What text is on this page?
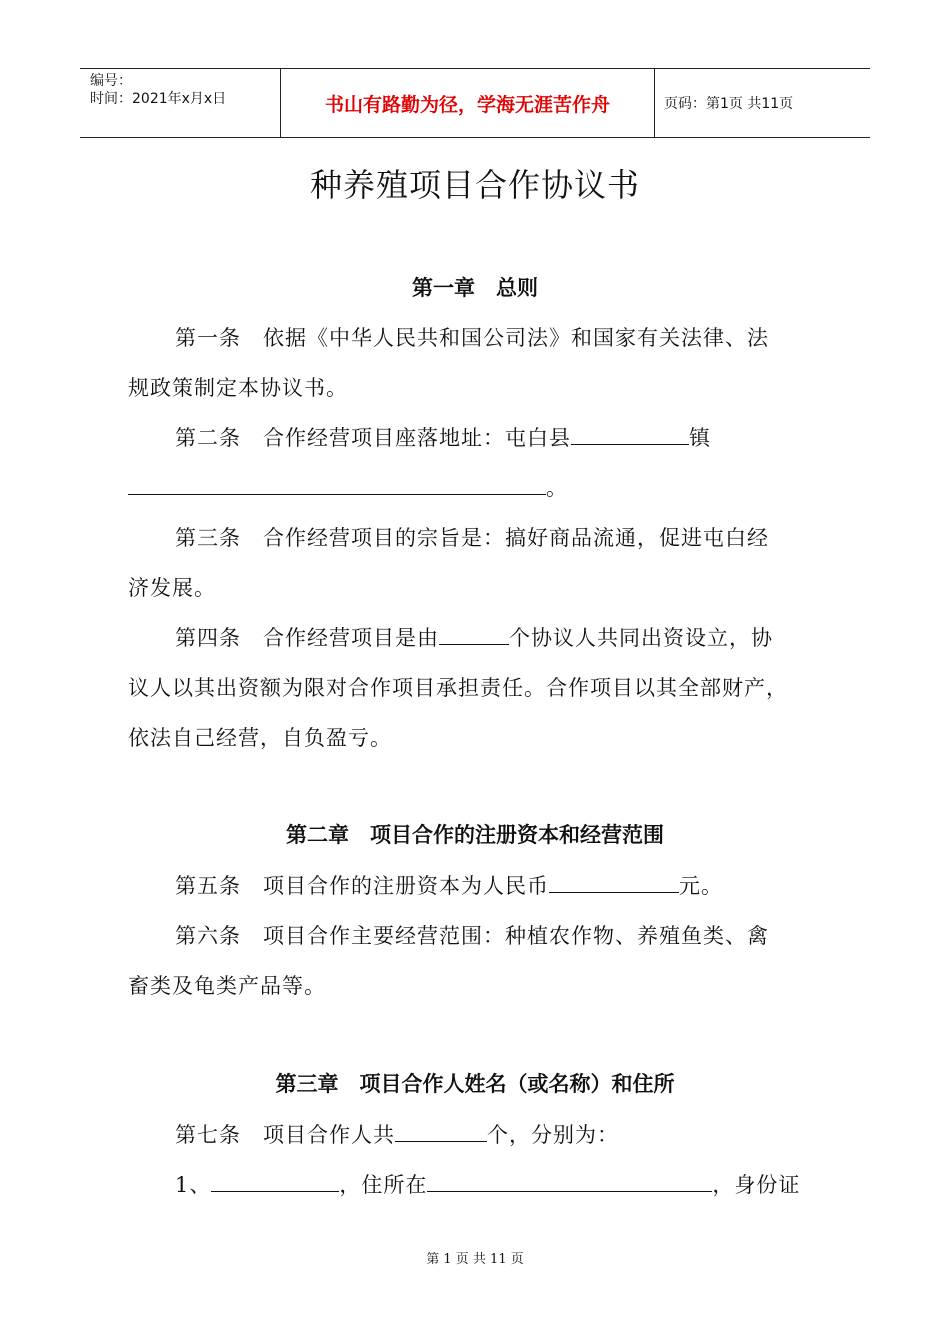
编号：
时间：2021年x月x日	书山有路勤为径，学海无涯苦作舟	页码：第1页 共11页
种养殖项目合作协议书
第一章　总则
第一条　依据《中华人民共和国公司法》和国家有关法律、法
规政策制定本协议书。
第二条　合作经营项目座落地址：屯白县	镇
。
第三条　合作经营项目的宗旨是：搞好商品流通，促进屯白经
济发展。
第四条　合作经营项目是由	个协议人共同出资设立，协
议人以其出资额为限对合作项目承担责任。合作项目以其全部财产，
依法自己经营，自负盈亏。
第二章　项目合作的注册资本和经营范围
第五条　项目合作的注册资本为人民币	元。
第六条　项目合作主要经营范围：种植农作物、养殖鱼类、禽
畜类及龟类产品等。
第三章　项目合作人姓名（或名称）和住所
第七条　项目合作人共	个，分别为：
1、	，住所在	，身份证
第 1 页 共 11 页
